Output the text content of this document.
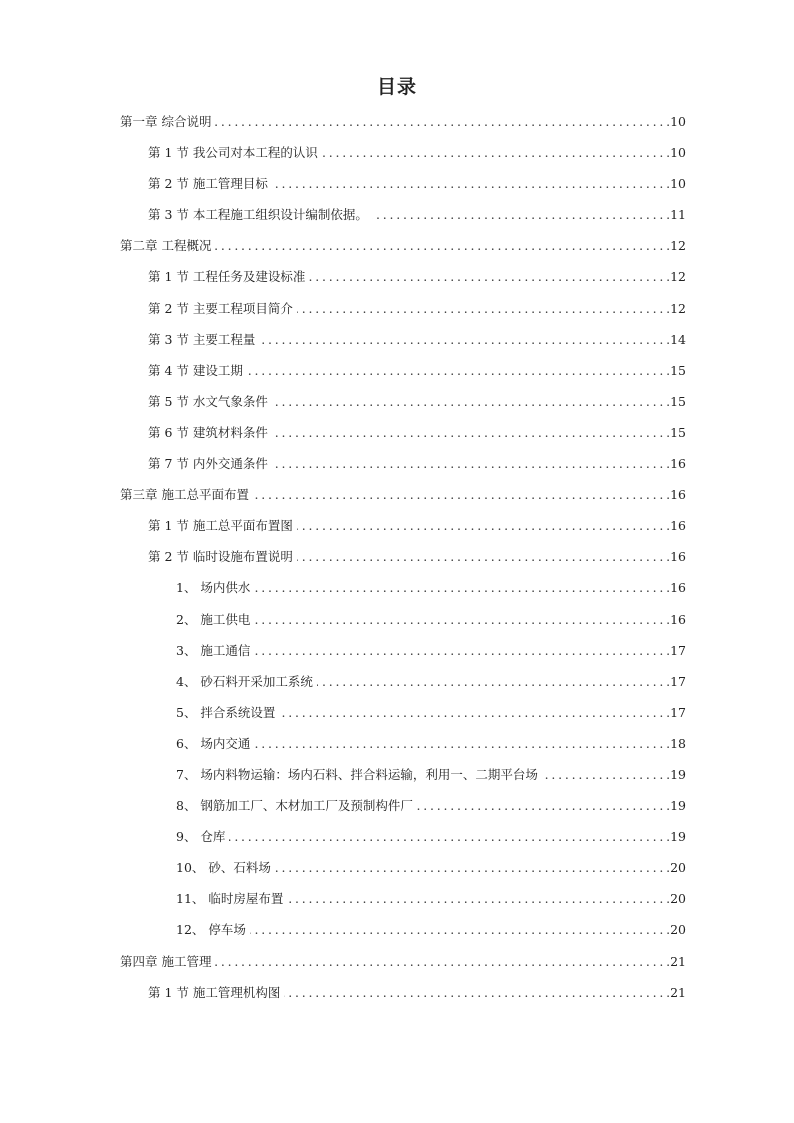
目录
第一章 综合说明 . . .	10
第 1 节 我公司对本工程的认识 . . .	10
第 2 节 施工管理目标 . . .	10
第 3 节 本工程施工组织设计编制依据。 . . .	11
第二章 工程概况 . . .	12
第 1 节 工程任务及建设标准 . . .	12
第 2 节 主要工程项目简介 . . .	12
第 3 节 主要工程量 . . .	14
第 4 节 建设工期 . . .	15
第 5 节 水文气象条件 . . .	15
第 6 节 建筑材料条件 . . .	15
第 7 节 内外交通条件 . . .	16
第三章 施工总平面布置 . . .	16
第 1 节 施工总平面布置图 . . .	16
第 2 节 临时设施布置说明 . . .	16
1、 场内供水 . . .	16
2、 施工供电 . . .	16
3、 施工通信 . . .	17
4、 砂石料开采加工系统 . . .	17
5、 拌合系统设置 . . .	17
6、 场内交通 . . .	18
7、 场内料物运输：场内石料、拌合料运输，利用一、二期平台场 . . .	19
8、 钢筋加工厂、木材加工厂及预制构件厂 . . .	19
9、 仓库 . . .	19
10、 砂、石料场 . . .	20
11、 临时房屋布置 . . .	20
12、 停车场 . . .	20
第四章 施工管理 . . .	21
第 1 节 施工管理机构图 . . .	21
